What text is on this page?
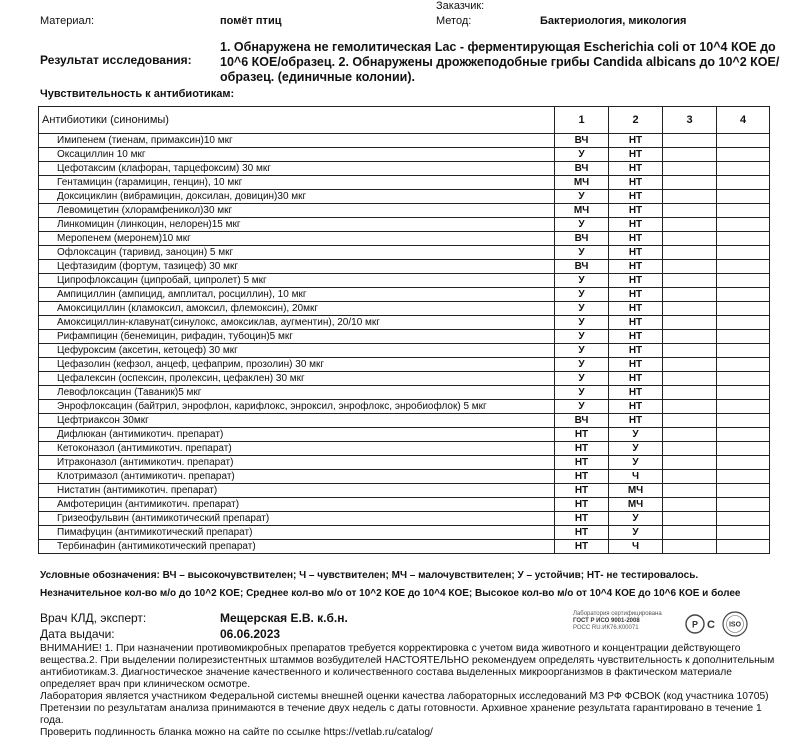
Заказчик:
Материал:	помёт птиц	Метод:	Бактериология, микология
Результат исследования:
1. Обнаружена не гемолитическая Lac - ферментирующая Escherichia coli от 10^4 КОЕ до 10^6 КОЕ/образец. 2. Обнаружены дрожжеподобные грибы Candida albicans до 10^2 КОЕ/образец. (единичные колонии).
Чувствительность к антибиотикам:
Антибиотики (синонимы)	1	2	3	4
Имипенем (тиенам, примаксин)10 мкг	ВЧ	НТ		
Оксациллин 10 мкг	У	НТ		
Цефотаксим (клафоран, тарцефоксим) 30 мкг	ВЧ	НТ		
Гентамицин (гарамицин, генцин), 10 мкг	МЧ	НТ		
Доксициклин (вибрамицин, доксилан, довицин)30 мкг	У	НТ		
Левомицетин (хлорамфеникол)30 мкг	МЧ	НТ		
Линкомицин (линкоцин, нелорен)15 мкг	У	НТ		
Меропенем (меронем)10 мкг	ВЧ	НТ		
Офлоксацин (таривид, заноцин) 5 мкг	У	НТ		
Цефтазидим (фортум, тазицеф) 30 мкг	ВЧ	НТ		
Ципрофлоксацин (ципробай, ципролет) 5 мкг	У	НТ		
Ампициллин (ампицид, амплитал, росциллин), 10 мкг	У	НТ		
Амоксициллин (кламоксил, амоксил, флемоксин), 20мкг	У	НТ		
Амоксициллин-клавунат(синулокс, амоксиклав, аугментин), 20/10 мкг	У	НТ		
Рифампицин (бенемицин, рифадин, тубоцин)5 мкг	У	НТ		
Цефуроксим (аксетин, кетоцеф) 30 мкг	У	НТ		
Цефазолин (кефзол, анцеф, цефаприм, прозолин) 30 мкг	У	НТ		
Цефалексин (оспексин, пролексин, цефаклен) 30 мкг	У	НТ		
Левофлоксацин (Таваник)5 мкг	У	НТ		
Энрофлоксацин (байтрил, энрофлон, карифлокс, энроксил, энрофлокс, энробиофлок) 5 мкг	У	НТ		
Цефтриаксон 30мкг	ВЧ	НТ		
Дифлюкан (антимикотич. препарат)	НТ	У		
Кетоконазол (антимикотич. препарат)	НТ	У		
Итраконазол (антимикотич. препарат)	НТ	У		
Клотримазол (антимикотич. препарат)	НТ	Ч		
Нистатин (антимикотич. препарат)	НТ	МЧ		
Амфотерицин (антимикотич. препарат)	НТ	МЧ		
Гризеофульвин (антимикотический препарат)	НТ	У		
Пимафуцин (антимикотический препарат)	НТ	У		
Тербинафин (антимикотический препарат)	НТ	Ч		
Условные обозначения: ВЧ – высокочувствителен; Ч – чувствителен; МЧ – малочувствителен; У – устойчив; НТ- не тестировалось.
Незначительное кол-во м/о до 10^2 КОЕ; Среднее кол-во м/о от 10^2 КОЕ до 10^4 КОЕ; Высокое кол-во м/о от 10^4 КОЕ до 10^6 КОЕ и более
Врач КЛД, эксперт:	Мещерская Е.В. к.б.н.
Дата выдачи:	06.06.2023
Лаборатория сертифицирована
ГОСТ Р ИСО 9001-2008
РОСС RU.ИК76.К00071	P C ISO

ВНИМАНИЕ! 1. При назначении противомикробных препаратов требуется корректировка с учетом вида животного и концентрации действующего вещества.2. При выделении полирезистентных штаммов возбудителей НАСТОЯТЕЛЬНО рекомендуем определять чувствительность к дополнительным антибиотикам.3. Диагностическое значение качественного и количественного состава выделенных микроорганизмов в фактическом материале определяет врач при клиническом осмотре.

Лаборатория является участником Федеральной системы внешней оценки качества лабораторных исследований МЗ РФ ФСВОК (код участника 10705)

Претензии по результатам анализа принимаются в течение двух недель с даты готовности. Архивное хранение результата гарантировано в течение 1 года.

Проверить подлинность бланка можно на сайте по ссылке https://vetlab.ru/catalog/
